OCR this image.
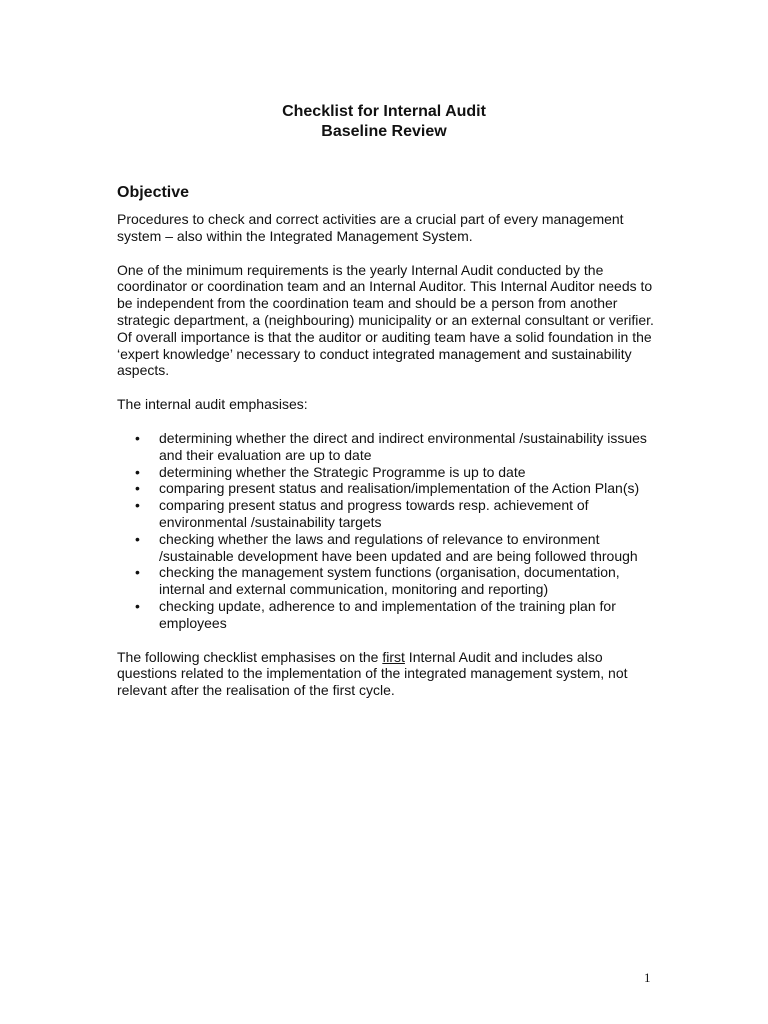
Checklist for Internal Audit
Baseline Review
Objective

Procedures to check and correct activities are a crucial part of every management system – also within the Integrated Management System.

One of the minimum requirements is the yearly Internal Audit conducted by the coordinator or coordination team and an Internal Auditor. This Internal Auditor needs to be independent from the coordination team and should be a person from another strategic department, a (neighbouring) municipality or an external consultant or verifier. Of overall importance is that the auditor or auditing team have a solid foundation in the ‘expert knowledge’ necessary to conduct integrated management and sustainability aspects.

The internal audit emphasises:

• determining whether the direct and indirect environmental /sustainability issues and their evaluation are up to date
• determining whether the Strategic Programme is up to date
• comparing present status and realisation/implementation of the Action Plan(s)
• comparing present status and progress towards resp. achievement of environmental /sustainability targets
• checking whether the laws and regulations of relevance to environment /sustainable development have been updated and are being followed through
• checking the management system functions (organisation, documentation, internal and external communication, monitoring and reporting)
• checking update, adherence to and implementation of the training plan for employees

The following checklist emphasises on the first Internal Audit and includes also questions related to the implementation of the integrated management system, not relevant after the realisation of the first cycle.

1
